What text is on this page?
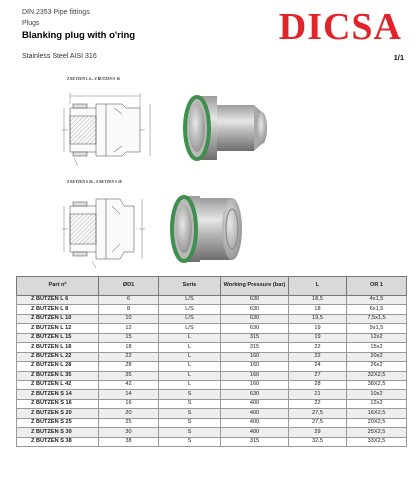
DIN 2353 Pipe fittings
Plugs
Blanking plug with o'ring
Stainless Steel AISI 316	1/1
DICSA
Z BUTZEN L 6... Z BUTZEN S 16
Z BUTZEN S 20... Z BUTZEN S 38
Part nº	ØD1	Serie	Working Pressure (bar)	L	OR 1
Z BUTZEN L 6	6	L/S	630	18,5	4x1,5
Z BUTZEN L 8	8	L/S	630	18	6x1,5
Z BUTZEN L 10	10	L/S	630	19,5	7,5x1,5
Z BUTZEN L 12	12	L/S	630	19	9x1,5
Z BUTZEN L 15	15	L	315	19	12x2
Z BUTZEN L 18	18	L	315	22	15x2
Z BUTZEN L 22	22	L	160	22	20x2
Z BUTZEN L 28	28	L	160	24	26x2
Z BUTZEN L 35	35	L	160	27	32X2,5
Z BUTZEN L 42	42	L	160	28	38X2,5
Z BUTZEN S 14	14	S	630	21	10x2
Z BUTZEN S 16	16	S	400	22	12x2
Z BUTZEN S 20	20	S	400	27,5	16X2,5
Z BUTZEN S 25	25	S	400	27,5	20X2,5
Z BUTZEN S 30	30	S	400	29	25X2,5
Z BUTZEN S 38	38	S	315	32,5	33X2,5
